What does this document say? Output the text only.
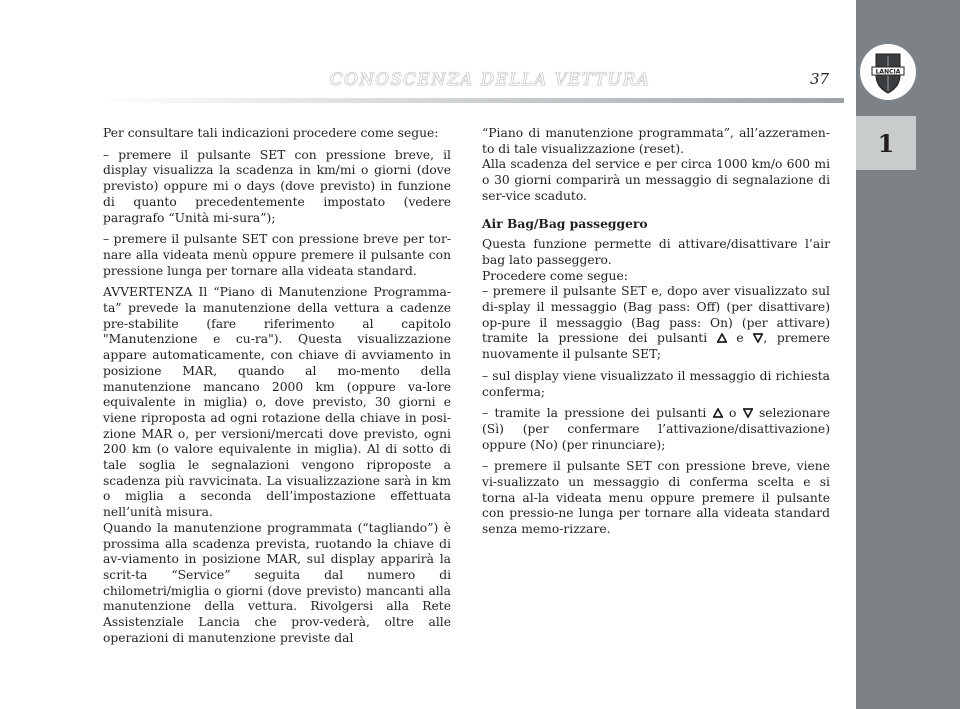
LANCIA
1
CONOSCENZA DELLA VETTURA	37

Per consultare tali indicazioni procedere come segue:

– premere il pulsante SET con pressione breve, il display visualizza la scadenza in km/mi o giorni (dove previsto) oppure mi o days (dove previsto) in funzione di quanto precedentemente impostato (vedere paragrafo “Unità mi-sura”);

– premere il pulsante SET con pressione breve per tor-nare alla videata menù oppure premere il pulsante con pressione lunga per tornare alla videata standard.

AVVERTENZA Il “Piano di Manutenzione Programma-ta” prevede la manutenzione della vettura a cadenze pre-stabilite (fare riferimento al capitolo "Manutenzione e cu-ra"). Questa visualizzazione appare automaticamente, con chiave di avviamento in posizione MAR, quando al mo-mento della manutenzione mancano 2000 km (oppure va-lore equivalente in miglia) o, dove previsto, 30 giorni e viene riproposta ad ogni rotazione della chiave in posi-zione MAR o, per versioni/mercati dove previsto, ogni 200 km (o valore equivalente in miglia). Al di sotto di tale soglia le segnalazioni vengono riproposte a scadenza più ravvicinata. La visualizzazione sarà in km o miglia a seconda dell’impostazione effettuata nell’unità misura.

Quando la manutenzione programmata (“tagliando”) è prossima alla scadenza prevista, ruotando la chiave di av-viamento in posizione MAR, sul display apparirà la scrit-ta “Service” seguita dal numero di chilometri/miglia o giorni (dove previsto) mancanti alla manutenzione della vettura. Rivolgersi alla Rete Assistenziale Lancia che prov-vederà, oltre alle operazioni di manutenzione previste dal

“Piano di manutenzione programmata”, all’azzeramen-to di tale visualizzazione (reset).

Alla scadenza del service e per circa 1000 km/o 600 mi o 30 giorni comparirà un messaggio di segnalazione di ser-vice scaduto.

Air Bag/Bag passeggero

Questa funzione permette di attivare/disattivare l’air bag lato passeggero.

Procedere come segue:

– premere il pulsante SET e, dopo aver visualizzato sul di-splay il messaggio (Bag pass: Off) (per disattivare) op-pure il messaggio (Bag pass: On) (per attivare) tramite la pressione dei pulsanti  e , premere nuovamente il pulsante SET;

– sul display viene visualizzato il messaggio di richiesta conferma;

– tramite la pressione dei pulsanti  o  selezionare (Sì) (per confermare l’attivazione/disattivazione) oppure (No) (per rinunciare);

– premere il pulsante SET con pressione breve, viene vi-sualizzato un messaggio di conferma scelta e si torna al-la videata menu oppure premere il pulsante con pressio-ne lunga per tornare alla videata standard senza memo-rizzare.
